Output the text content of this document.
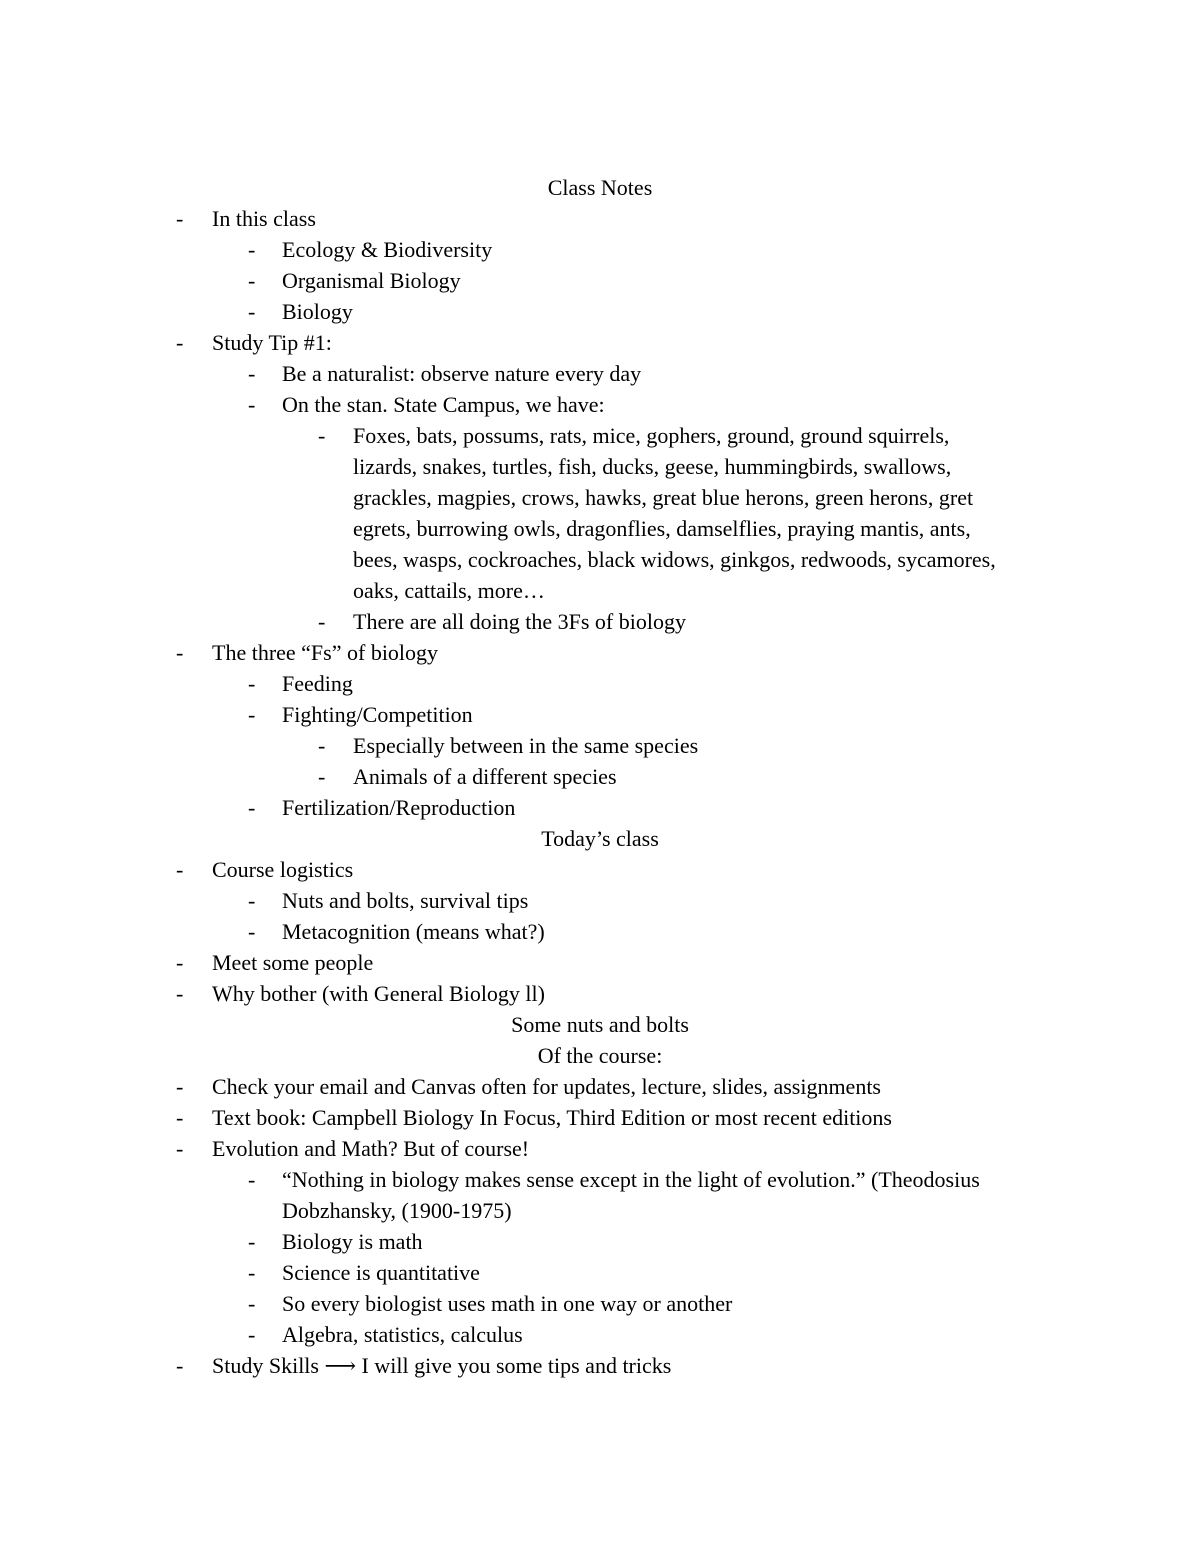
Class Notes
- In this class
- Ecology & Biodiversity
- Organismal Biology
- Biology
- Study Tip #1:
- Be a naturalist: observe nature every day
- On the stan. State Campus, we have:
- Foxes, bats, possums, rats, mice, gophers, ground, ground squirrels,
lizards, snakes, turtles, fish, ducks, geese, hummingbirds, swallows,
grackles, magpies, crows, hawks, great blue herons, green herons, gret
egrets, burrowing owls, dragonflies, damselflies, praying mantis, ants,
bees, wasps, cockroaches, black widows, ginkgos, redwoods, sycamores,
oaks, cattails, more…
- There are all doing the 3Fs of biology
- The three “Fs” of biology
- Feeding
- Fighting/Competition
- Especially between in the same species
- Animals of a different species
- Fertilization/Reproduction
Today’s class
- Course logistics
- Nuts and bolts, survival tips
- Metacognition (means what?)
- Meet some people
- Why bother (with General Biology ll)
Some nuts and bolts
Of the course:
- Check your email and Canvas often for updates, lecture, slides, assignments
- Text book: Campbell Biology In Focus, Third Edition or most recent editions
- Evolution and Math? But of course!
- “Nothing in biology makes sense except in the light of evolution.” (Theodosius
Dobzhansky, (1900-1975)
- Biology is math
- Science is quantitative
- So every biologist uses math in one way or another
- Algebra, statistics, calculus
- Study Skills ⟶ I will give you some tips and tricks
